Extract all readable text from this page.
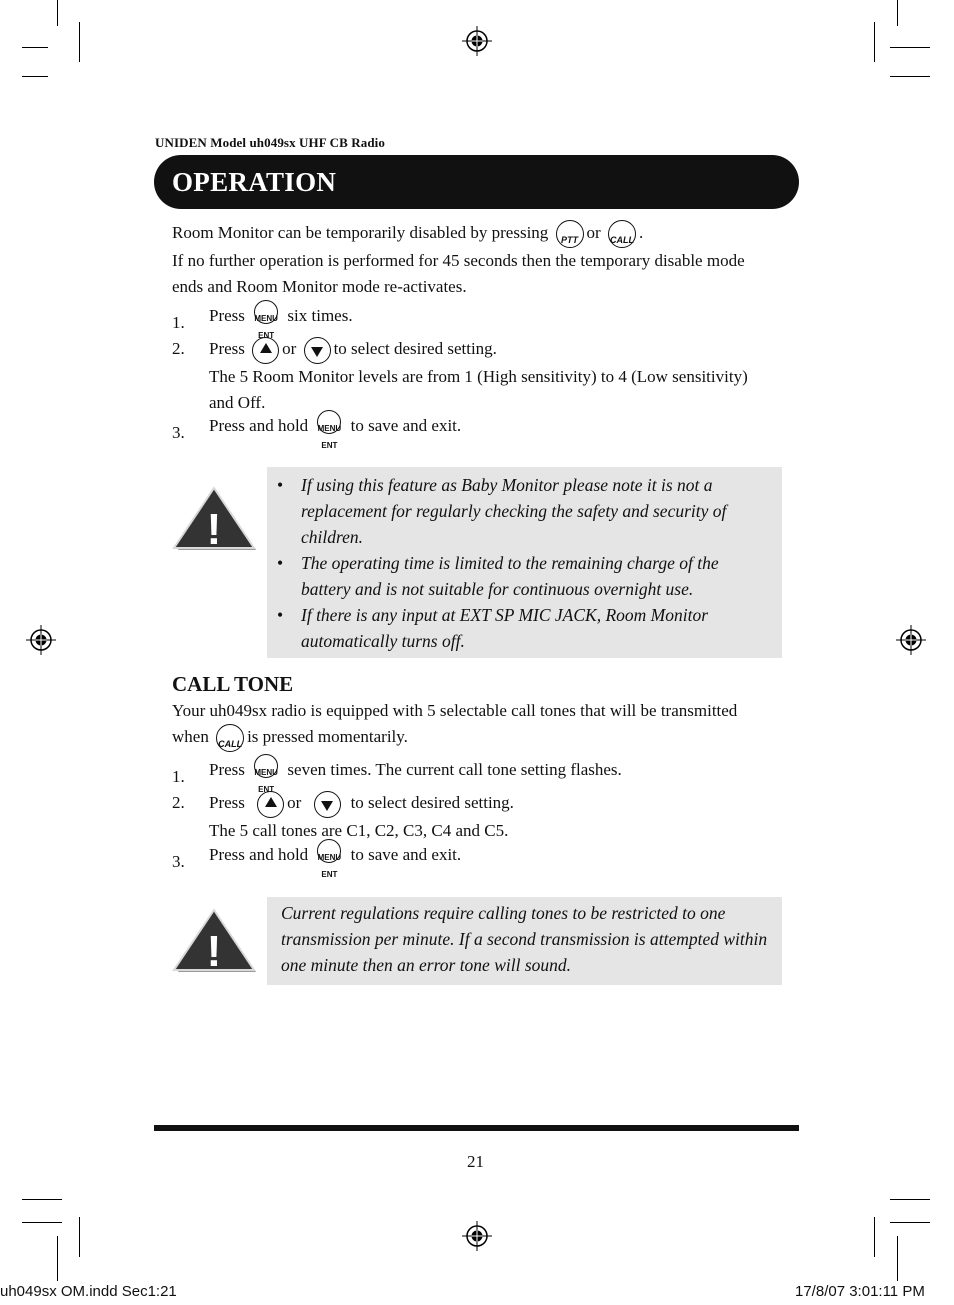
UNIDEN Model uh049sx UHF CB Radio
OPERATION
Room Monitor can be temporarily disabled by pressing	PTT or CALL .
If no further operation is performed for 45 seconds then the temporary disable mode
ends and Room Monitor mode re-activates.
1. Press	MENU
ENT
six times.
2. Press or to select desired setting.
The 5 Room Monitor levels are from 1 (High sensitivity) to 4 (Low sensitivity)
and Off.
3. Press and hold	MENU
ENT
to save and exit.
!
• If using this feature as Baby Monitor please note it is not a replacement for regularly checking the safety and security of children.
• The operating time is limited to the remaining charge of the battery and is not suitable for continuous overnight use.
• If there is any input at EXT SP MIC JACK, Room Monitor automatically turns off.
CALL TONE
Your uh049sx radio is equipped with 5 selectable call tones that will be transmitted
when CALL is pressed momentarily.
1. Press	MENU
ENT
seven times. The current call tone setting flashes.
2. Press or	to select desired setting.
The 5 call tones are C1, C2, C3, C4 and C5.
3. Press and hold	MENU
ENT
to save and exit.
!
Current regulations require calling tones to be restricted to one transmission per minute. If a second transmission is attempted within one minute then an error tone will sound.
21
uh049sx OM.indd Sec1:21	17/8/07 3:01:11 PM
